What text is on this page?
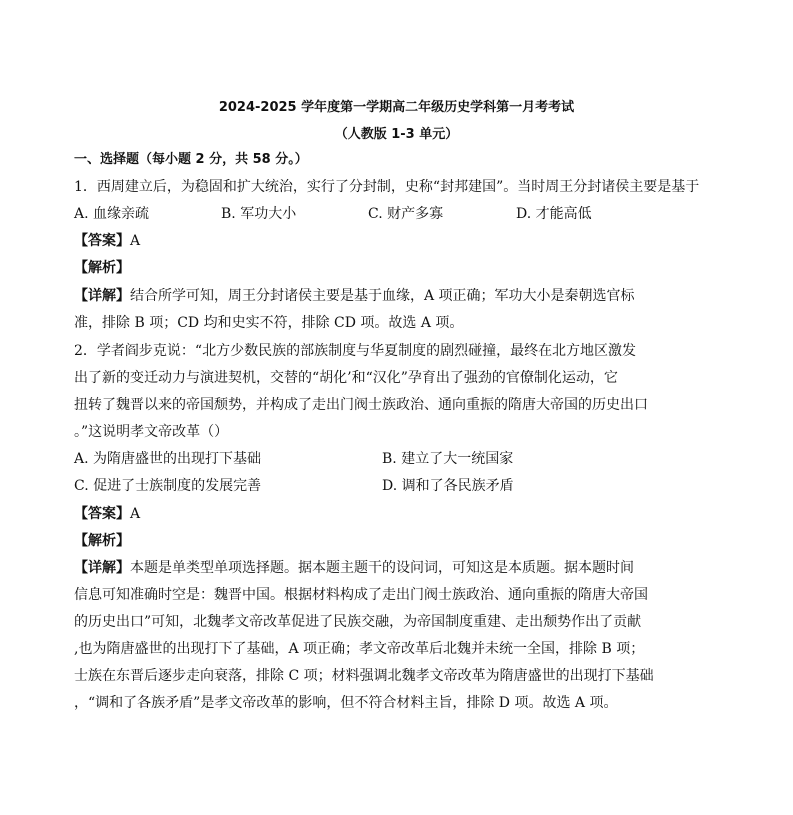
2024-2025 学年度第一学期高二年级历史学科第一月考考试
（人教版 1-3 单元）
一、选择题（每小题 2 分，共 58 分。）
1．西周建立后，为稳固和扩大统治，实行了分封制，史称“封邦建国”。当时周王分封诸侯主要是基于
A. 血缘亲疏	B. 军功大小	C. 财产多寡	D. 才能高低
【答案】A
【解析】
【详解】结合所学可知，周王分封诸侯主要是基于血缘，A 项正确；军功大小是秦朝选官标
准，排除 B 项；CD 均和史实不符，排除 CD 项。故选 A 项。
2．学者阎步克说：“北方少数民族的部族制度与华夏制度的剧烈碰撞，最终在北方地区激发
出了新的变迁动力与演进契机，交替的“胡化’和“汉化”孕育出了强劲的官僚制化运动，它
扭转了魏晋以来的帝国颓势，并构成了走出门阀士族政治、通向重振的隋唐大帝国的历史出口
。”这说明孝文帝改革（）
A. 为隋唐盛世的出现打下基础	B. 建立了大一统国家
C. 促进了士族制度的发展完善	D. 调和了各民族矛盾
【答案】A
【解析】
【详解】本题是单类型单项选择题。据本题主题干的设问词，可知这是本质题。据本题时间
信息可知准确时空是：魏晋中国。根据材料构成了走出门阀士族政治、通向重振的隋唐大帝国
的历史出口”可知，北魏孝文帝改革促进了民族交融，为帝国制度重建、走出颓势作出了贡献
,也为隋唐盛世的出现打下了基础，A 项正确；孝文帝改革后北魏并未统一全国，排除 B 项；
士族在东晋后逐步走向衰落，排除 C 项；材料强调北魏孝文帝改革为隋唐盛世的出现打下基础
，“调和了各族矛盾”是孝文帝改革的影响，但不符合材料主旨，排除 D 项。故选 A 项。
